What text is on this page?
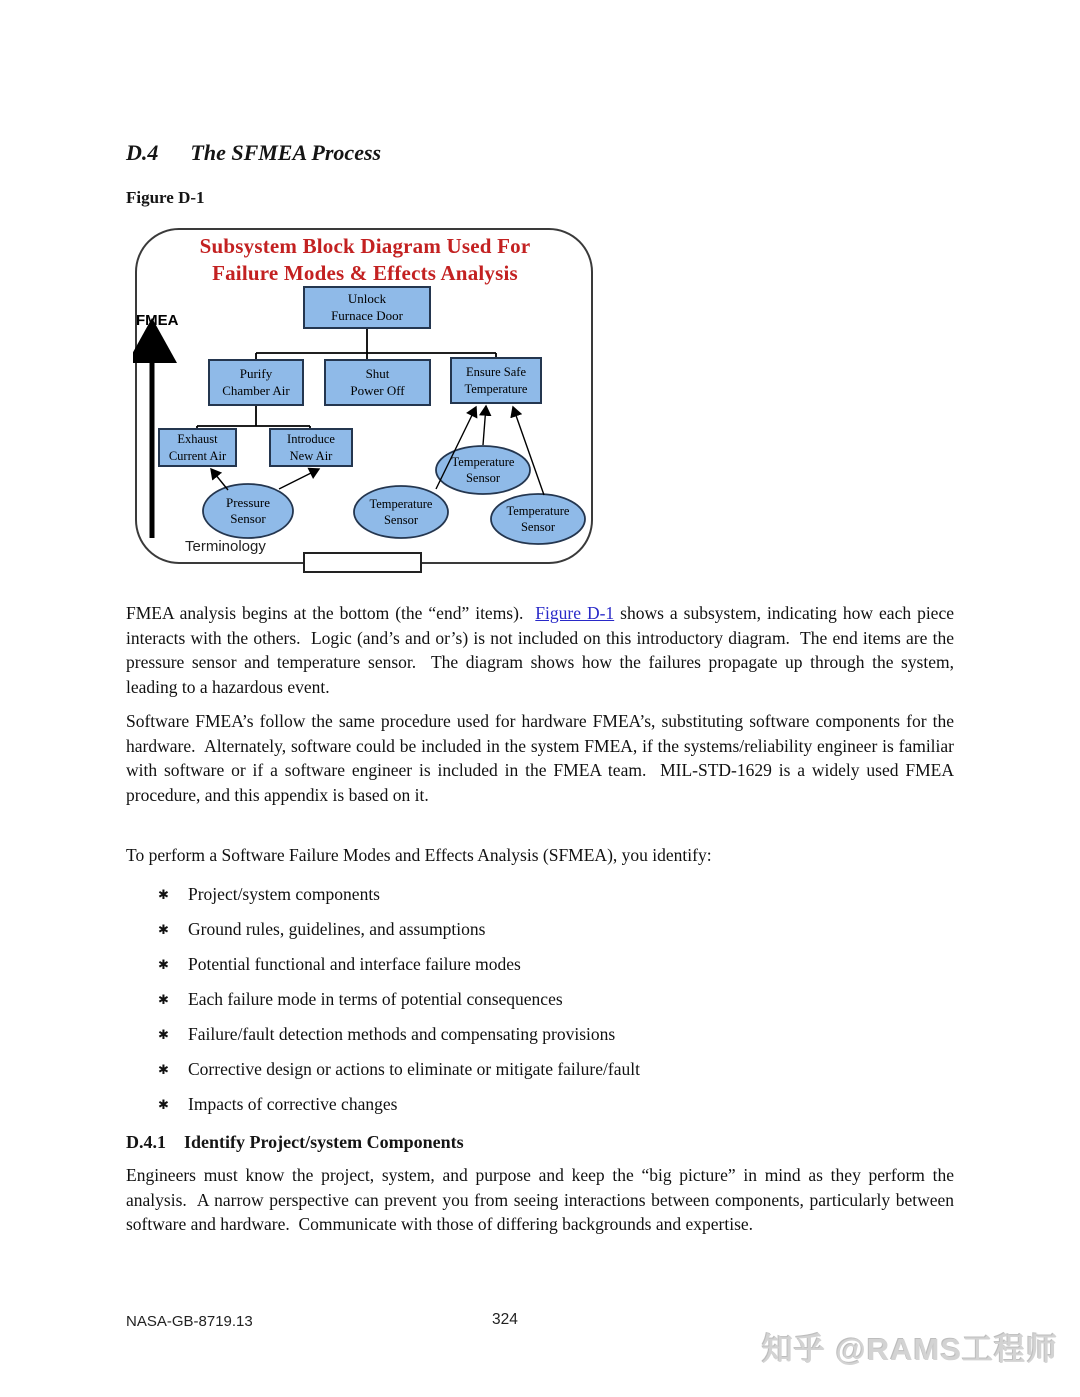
D.4 The SFMEA Process
Figure D-1
Subsystem Block Diagram Used For
Failure Modes & Effects Analysis
FMEA
Unlock
Furnace Door
Purify
Chamber Air
Shut
Power Off
Ensure Safe
Temperature
Exhaust
Current Air
Introduce
New Air
Pressure
Sensor
Temperature
Sensor
Temperature
Sensor
Temperature
Sensor
Terminology

FMEA analysis begins at the bottom (the “end” items).  Figure D-1 shows a subsystem, indicating how each piece interacts with the others.  Logic (and’s and or’s) is not included on this introductory diagram.  The end items are the pressure sensor and temperature sensor.  The diagram shows how the failures propagate up through the system, leading to a hazardous event.

Software FMEA’s follow the same procedure used for hardware FMEA’s, substituting software components for the hardware.  Alternately, software could be included in the system FMEA, if the systems/reliability engineer is familiar with software or if a software engineer is included in the FMEA team.  MIL-STD-1629 is a widely used FMEA procedure, and this appendix is based on it.

To perform a Software Failure Modes and Effects Analysis (SFMEA), you identify:

✱	Project/system components
✱	Ground rules, guidelines, and assumptions
✱	Potential functional and interface failure modes
✱	Each failure mode in terms of potential consequences
✱	Failure/fault detection methods and compensating provisions
✱	Corrective design or actions to eliminate or mitigate failure/fault
✱	Impacts of corrective changes
D.4.1 Identify Project/system Components

Engineers must know the project, system, and purpose and keep the “big picture” in mind as they perform the analysis.  A narrow perspective can prevent you from seeing interactions between components, particularly between software and hardware.  Communicate with those of differing backgrounds and expertise.

NASA-GB-8719.13	324
知乎 @RAMS工程师
